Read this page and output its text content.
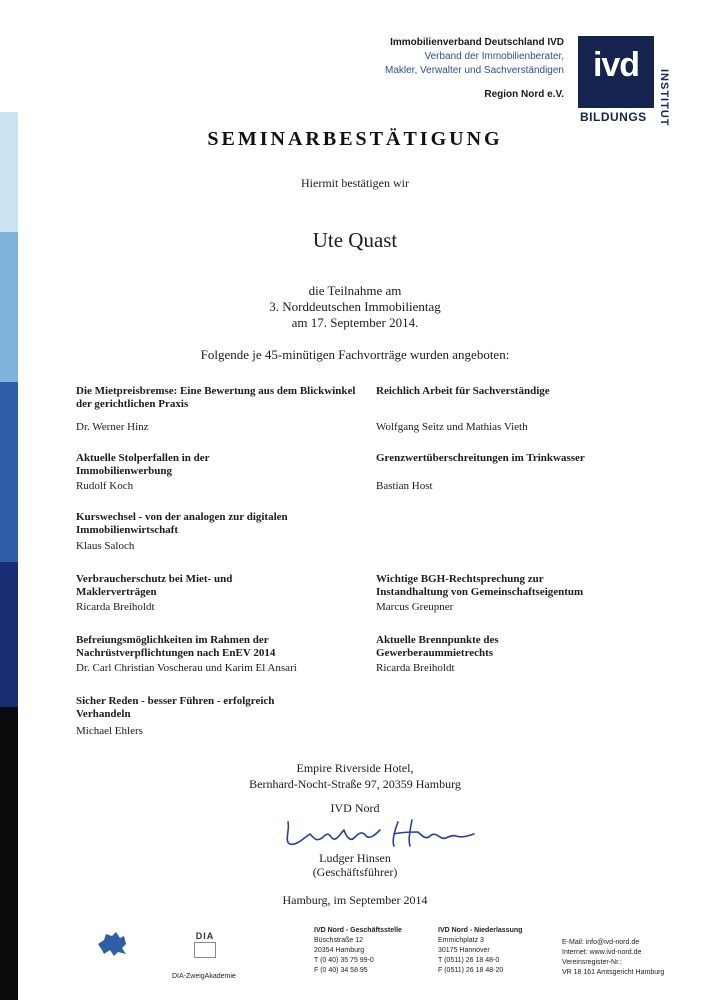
Immobilienverband Deutschland IVD
Verband der Immobilienberater,
Makler, Verwalter und Sachverständigen
Region Nord e.V.
ivd
BILDUNGS INSTITUT
SEMINARBESTÄTIGUNG
Hiermit bestätigen wir
Ute Quast
die Teilnahme am
3. Norddeutschen Immobilientag
am 17. September 2014.
Folgende je 45-minütigen Fachvorträge wurden angeboten:
Die Mietpreisbremse: Eine Bewertung aus dem Blickwinkel der gerichtlichen Praxis
Dr. Werner Hinz
Reichlich Arbeit für Sachverständige
Wolfgang Seitz und Mathias Vieth
Aktuelle Stolperfallen in der Immobilienwerbung
Rudolf Koch
Grenzwertüberschreitungen im Trinkwasser
Bastian Host
Kurswechsel - von der analogen zur digitalen Immobilienwirtschaft
Klaus Saloch
Verbraucherschutz bei Miet- und Maklerverträgen
Ricarda Breiholdt
Wichtige BGH-Rechtsprechung zur Instandhaltung von Gemeinschaftseigentum
Marcus Greupner
Befreiungsmöglichkeiten im Rahmen der Nachrüstverpflichtungen nach EnEV 2014
Dr. Carl Christian Voscherau und Karim El Ansari
Aktuelle Brennpunkte des Gewerberaummietrechts
Ricarda Breiholdt
Sicher Reden - besser Führen - erfolgreich Verhandeln
Michael Ehlers
Empire Riverside Hotel,
Bernhard-Nocht-Straße 97, 20359 Hamburg
IVD Nord
Ludger Hinsen
(Geschäftsführer)
Hamburg, im September 2014
DIA
DIA-ZweigAkademie
IVD Nord - Geschäftsstelle
Büschstraße 12
20354 Hamburg
T (0 40) 35 75 99-0
F (0 40) 34 58 95
IVD Nord - Niederlassung
Emmichplatz 3
30175 Hannover
T (0511) 26 18 48-0
F (0511) 26 18 48-20
E-Mail: info@ivd-nord.de
Internet: www.ivd-nord.de
Vereinsregister-Nr.:
VR 18 161 Amtsgericht Hamburg
